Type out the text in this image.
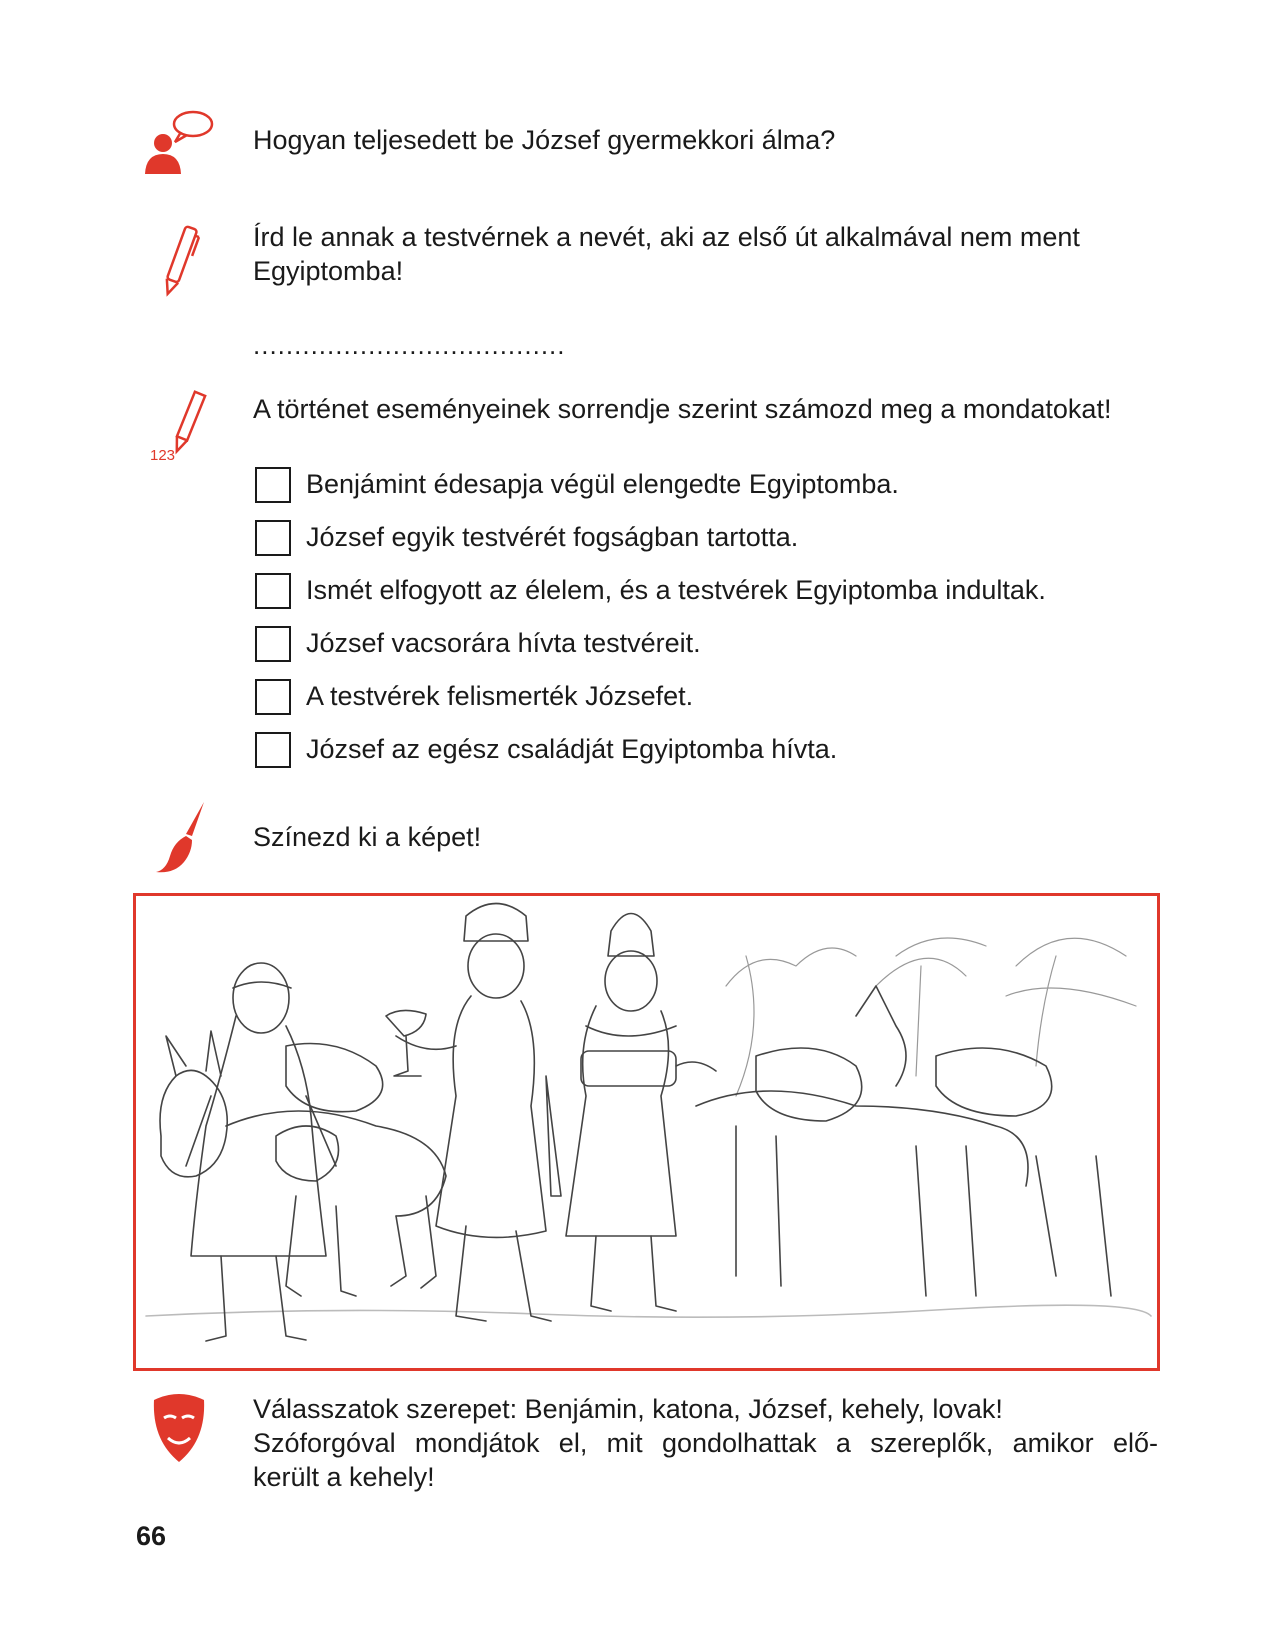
Hogyan teljesedett be József gyermekkori álma?
Írd le annak a testvérnek a nevét, aki az első út alkalmával nem ment Egyiptomba!
......................................
123
A történet eseményeinek sorrendje szerint számozd meg a mondatokat!
Benjámint édesapja végül elengedte Egyiptomba.
József egyik testvérét fogságban tartotta.
Ismét elfogyott az élelem, és a testvérek Egyiptomba indultak.
József vacsorára hívta testvéreit.
A testvérek felismerték Józsefet.
József az egész családját Egyiptomba hívta.
Színezd ki a képet!
Válasszatok szerepet: Benjámin, katona, József, kehely, lovak!
Szóforgóval mondjátok el, mit gondolhattak a szereplők, amikor elő-
került a kehely!
66
